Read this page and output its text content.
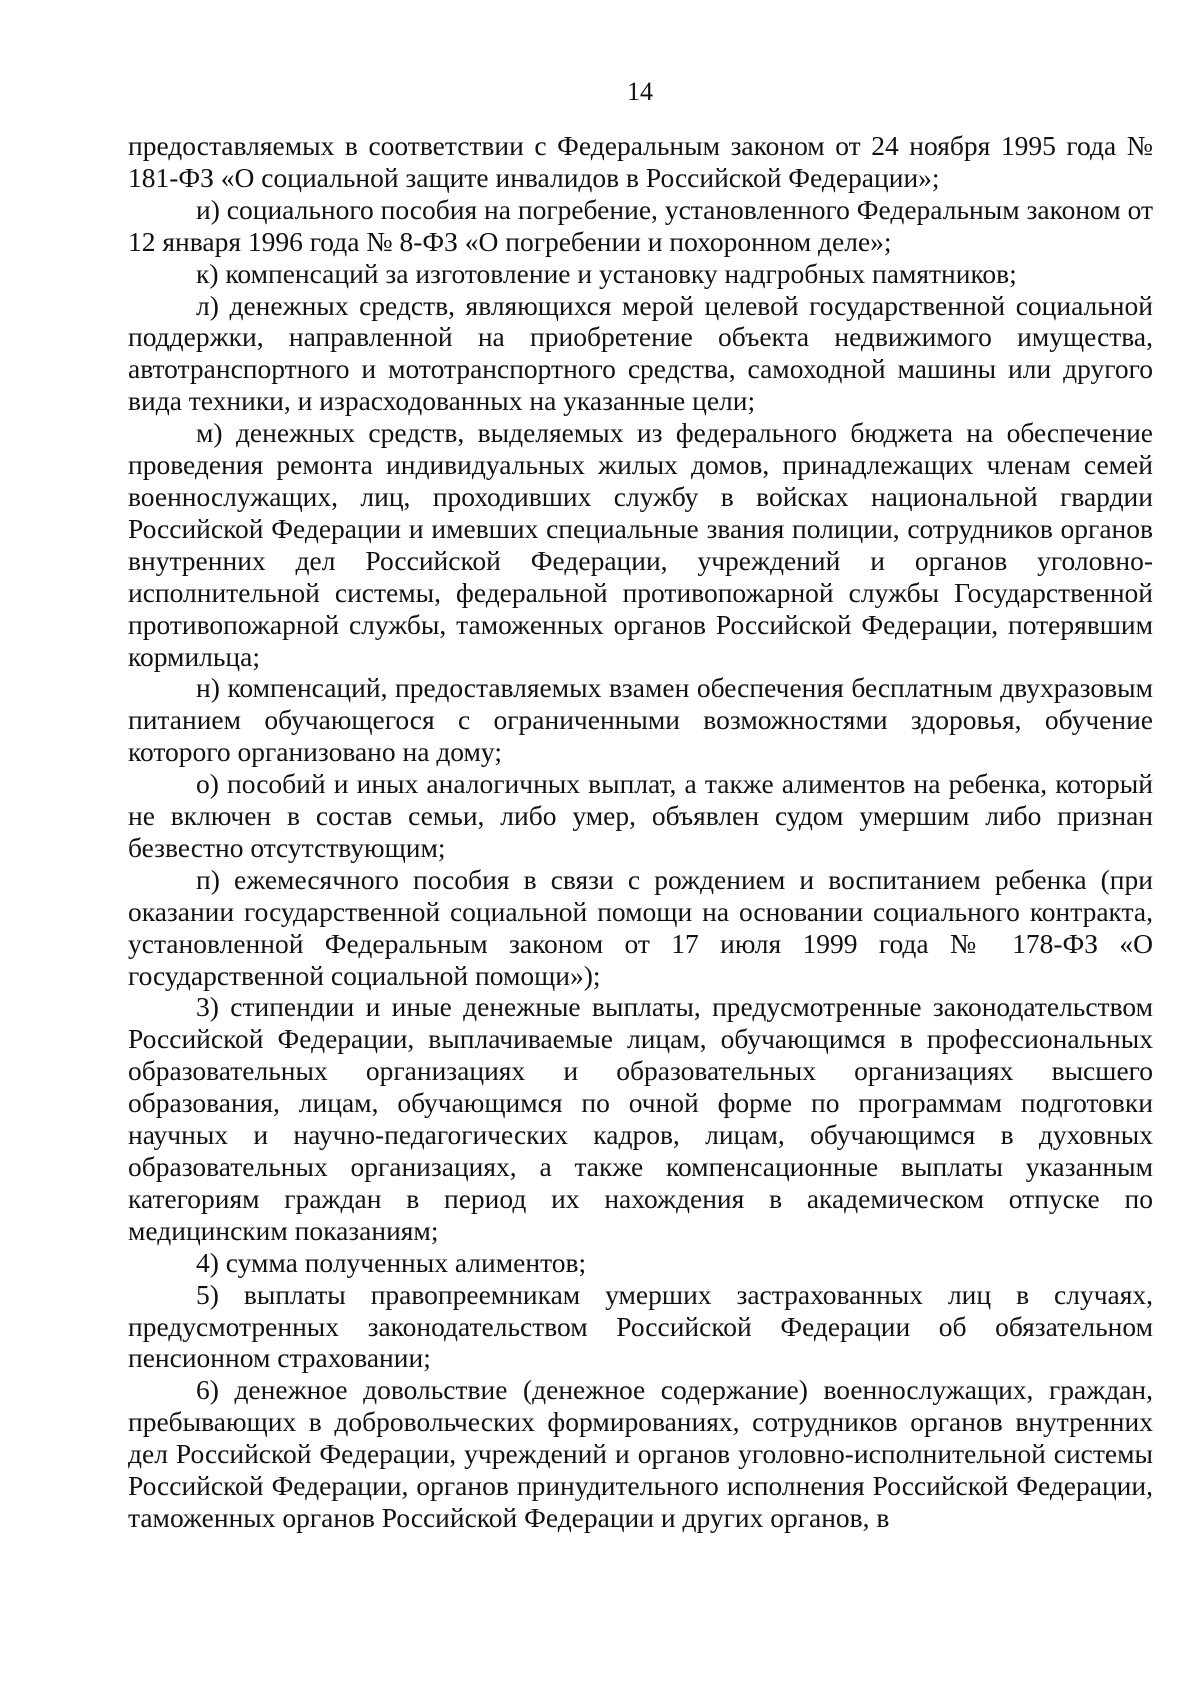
14

предоставляемых в соответствии с Федеральным законом от 24 ноября 1995 года № 181-ФЗ «О социальной защите инвалидов в Российской Федерации»;

и) социального пособия на погребение, установленного Федеральным законом от 12 января 1996 года № 8-ФЗ «О погребении и похоронном деле»;

к) компенсаций за изготовление и установку надгробных памятников;

л) денежных средств, являющихся мерой целевой государственной социальной поддержки, направленной на приобретение объекта недвижимого имущества, автотранспортного и мототранспортного средства, самоходной машины или другого вида техники, и израсходованных на указанные цели;

м) денежных средств, выделяемых из федерального бюджета на обеспечение проведения ремонта индивидуальных жилых домов, принадлежащих членам семей военнослужащих, лиц, проходивших службу в войсках национальной гвардии Российской Федерации и имевших специальные звания полиции, сотрудников органов внутренних дел Российской Федерации, учреждений и органов уголовно-исполнительной системы, федеральной противопожарной службы Государственной противопожарной службы, таможенных органов Российской Федерации, потерявшим кормильца;

н) компенсаций, предоставляемых взамен обеспечения бесплатным двухразовым питанием обучающегося с ограниченными возможностями здоровья, обучение которого организовано на дому;

о) пособий и иных аналогичных выплат, а также алиментов на ребенка, который не включен в состав семьи, либо умер, объявлен судом умершим либо признан безвестно отсутствующим;

п) ежемесячного пособия в связи с рождением и воспитанием ребенка (при оказании государственной социальной помощи на основании социального контракта, установленной Федеральным законом от 17 июля 1999 года № 178-ФЗ «О государственной социальной помощи»);

3) стипендии и иные денежные выплаты, предусмотренные законодательством Российской Федерации, выплачиваемые лицам, обучающимся в профессиональных образовательных организациях и образовательных организациях высшего образования, лицам, обучающимся по очной форме по программам подготовки научных и научно-педагогических кадров, лицам, обучающимся в духовных образовательных организациях, а также компенсационные выплаты указанным категориям граждан в период их нахождения в академическом отпуске по медицинским показаниям;

4) сумма полученных алиментов;

5) выплаты правопреемникам умерших застрахованных лиц в случаях, предусмотренных законодательством Российской Федерации об обязательном пенсионном страховании;

6) денежное довольствие (денежное содержание) военнослужащих, граждан, пребывающих в добровольческих формированиях, сотрудников органов внутренних дел Российской Федерации, учреждений и органов уголовно-исполнительной системы Российской Федерации, органов принудительного исполнения Российской Федерации, таможенных органов Российской Федерации и других органов, в
